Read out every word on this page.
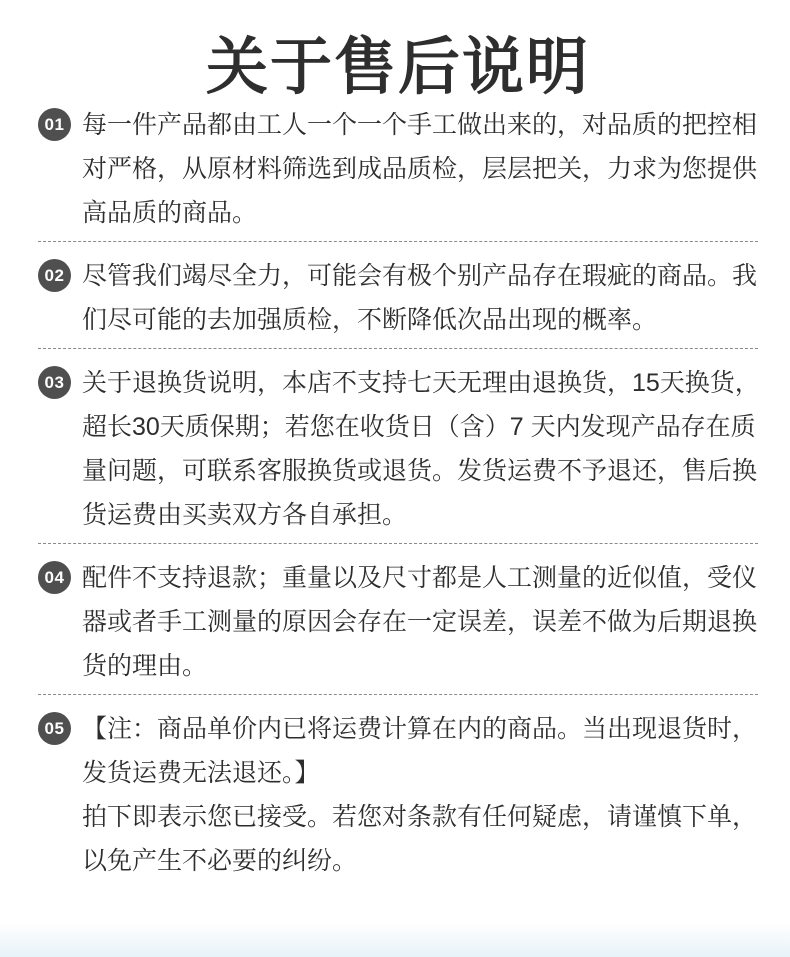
关于售后说明
01 每一件产品都由工人一个一个手工做出来的，对品质的把控相
对严格，从原材料筛选到成品质检，层层把关，力求为您提供
高品质的商品。
02 尽管我们竭尽全力，可能会有极个别产品存在瑕疵的商品。我
们尽可能的去加强质检，不断降低次品出现的概率。
03 关于退换货说明，本店不支持七天无理由退换货，15天换货，
超长30天质保期；若您在收货日（含）7 天内发现产品存在质
量问题，可联系客服换货或退货。发货运费不予退还，售后换
货运费由买卖双方各自承担。
04 配件不支持退款；重量以及尺寸都是人工测量的近似值，受仪
器或者手工测量的原因会存在一定误差，误差不做为后期退换
货的理由。
05 【注：商品单价内已将运费计算在内的商品。当出现退货时，
发货运费无法退还。】
拍下即表示您已接受。若您对条款有任何疑虑，请谨慎下单，
以免产生不必要的纠纷。
